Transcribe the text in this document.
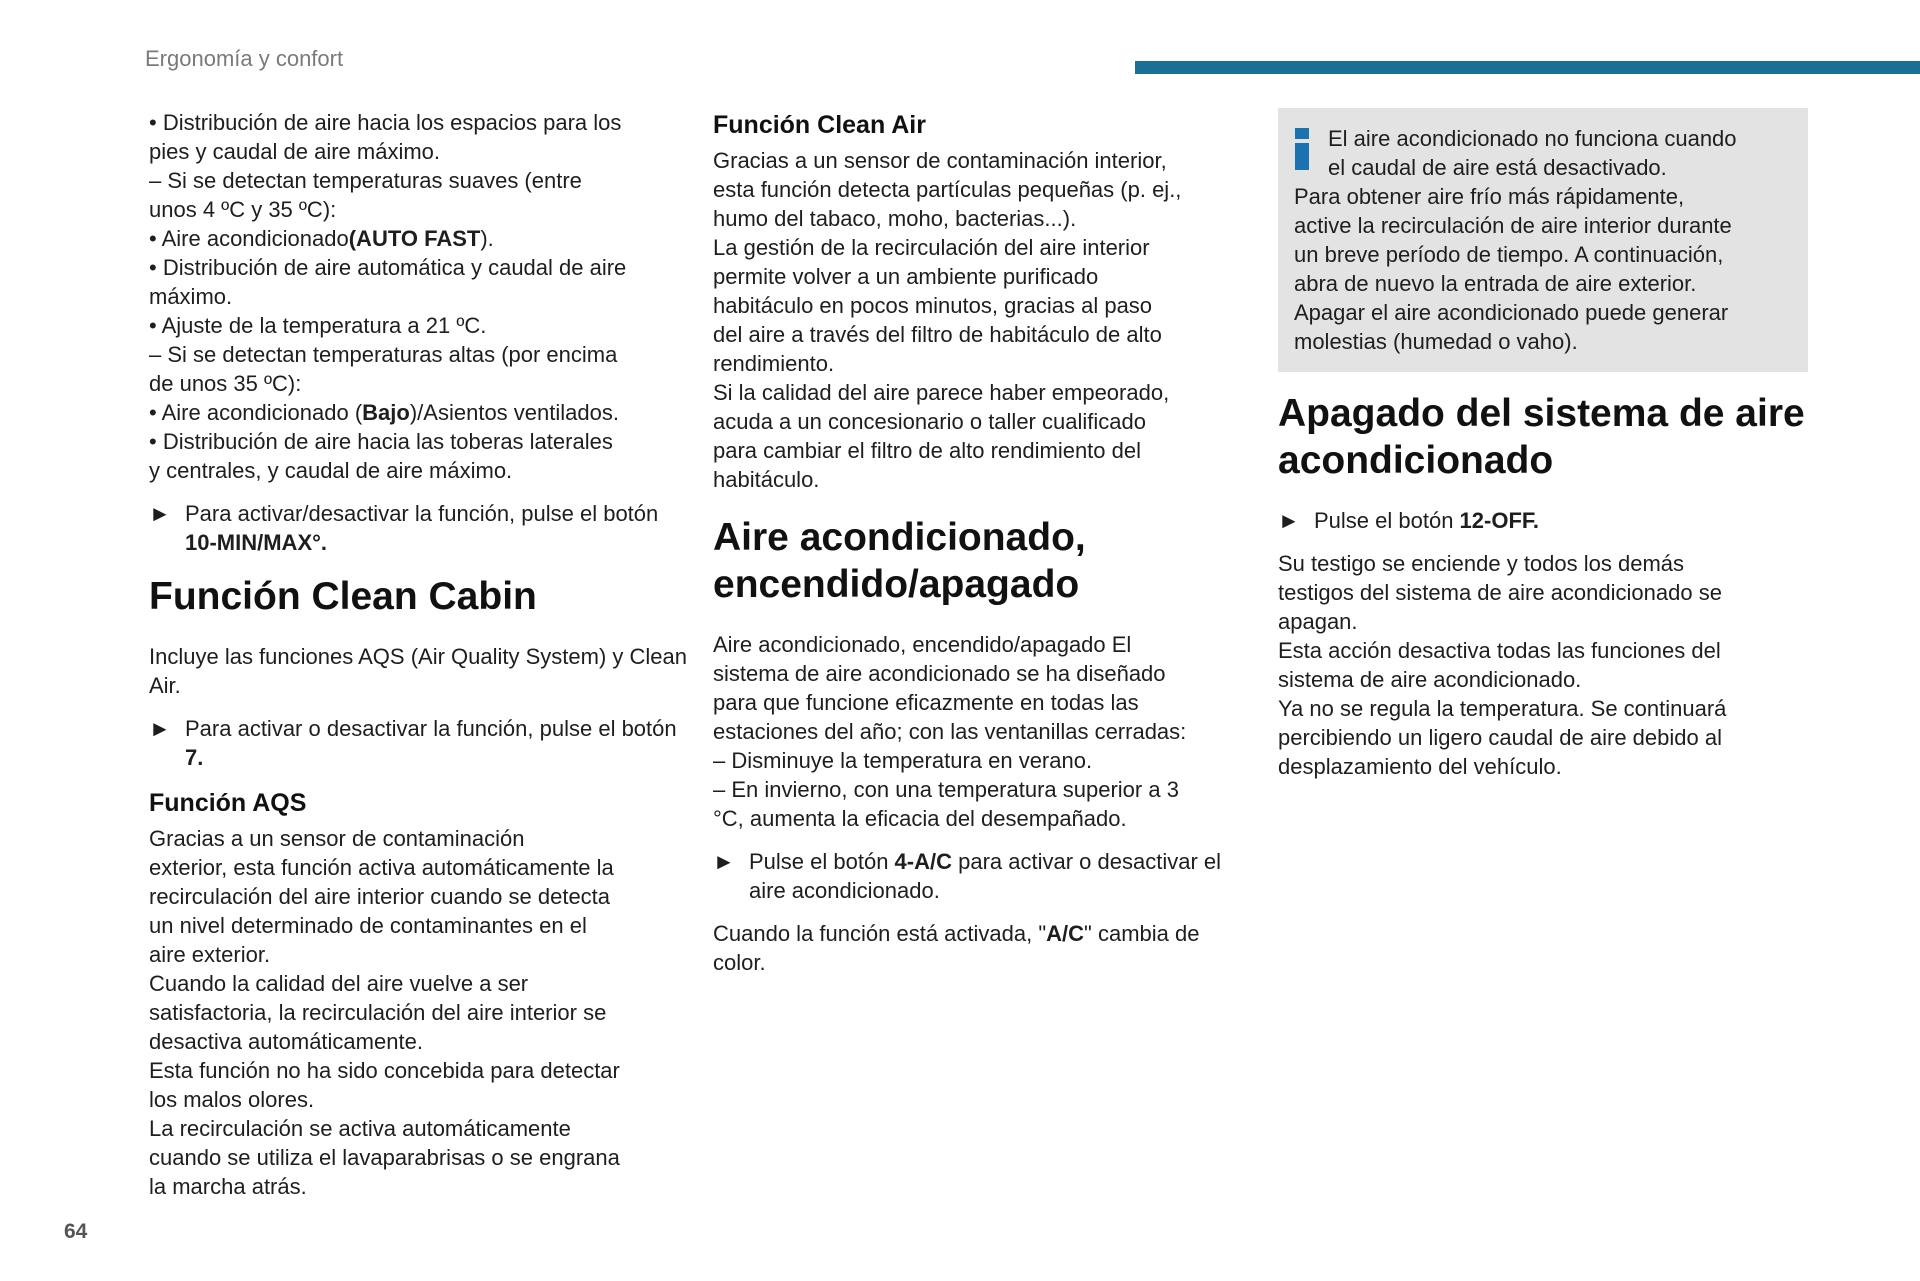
Ergonomía y confort
• Distribución de aire hacia los espacios para los
pies y caudal de aire máximo.
– Si se detectan temperaturas suaves (entre
unos 4 ºC y 35 ºC):
• Aire acondicionado(AUTO FAST).
• Distribución de aire automática y caudal de aire
máximo.
• Ajuste de la temperatura a 21 ºC.
– Si se detectan temperaturas altas (por encima
de unos 35 ºC):
• Aire acondicionado (Bajo)/Asientos ventilados.
• Distribución de aire hacia las toberas laterales
y centrales, y caudal de aire máximo.
► Para activar/desactivar la función, pulse el botón 10-MIN/MAX°.
Función Clean Cabin

Incluye las funciones AQS (Air Quality System) y Clean Air.

► Para activar o desactivar la función, pulse el botón 7.
Función AQS
Gracias a un sensor de contaminación
exterior, esta función activa automáticamente la
recirculación del aire interior cuando se detecta
un nivel determinado de contaminantes en el
aire exterior.
Cuando la calidad del aire vuelve a ser
satisfactoria, la recirculación del aire interior se
desactiva automáticamente.
Esta función no ha sido concebida para detectar
los malos olores.
La recirculación se activa automáticamente
cuando se utiliza el lavaparabrisas o se engrana
la marcha atrás.
Función Clean Air
Gracias a un sensor de contaminación interior,
esta función detecta partículas pequeñas (p. ej.,
humo del tabaco, moho, bacterias...).
La gestión de la recirculación del aire interior
permite volver a un ambiente purificado
habitáculo en pocos minutos, gracias al paso
del aire a través del filtro de habitáculo de alto
rendimiento.
Si la calidad del aire parece haber empeorado,
acuda a un concesionario o taller cualificado
para cambiar el filtro de alto rendimiento del
habitáculo.
Aire acondicionado, encendido/apagado
Aire acondicionado, encendido/apagado El
sistema de aire acondicionado se ha diseñado
para que funcione eficazmente en todas las
estaciones del año; con las ventanillas cerradas:
– Disminuye la temperatura en verano.
– En invierno, con una temperatura superior a 3
°C, aumenta la eficacia del desempañado.
► Pulse el botón 4-A/C para activar o desactivar el aire acondicionado.

Cuando la función está activada, "A/C" cambia de color.

El aire acondicionado no funciona cuando
el caudal de aire está desactivado.
Para obtener aire frío más rápidamente,
active la recirculación de aire interior durante
un breve período de tiempo. A continuación,
abra de nuevo la entrada de aire exterior.
Apagar el aire acondicionado puede generar
molestias (humedad o vaho).
Apagado del sistema de aire acondicionado
► Pulse el botón 12-OFF.
Su testigo se enciende y todos los demás
testigos del sistema de aire acondicionado se
apagan.
Esta acción desactiva todas las funciones del
sistema de aire acondicionado.
Ya no se regula la temperatura. Se continuará
percibiendo un ligero caudal de aire debido al
desplazamiento del vehículo.
64
